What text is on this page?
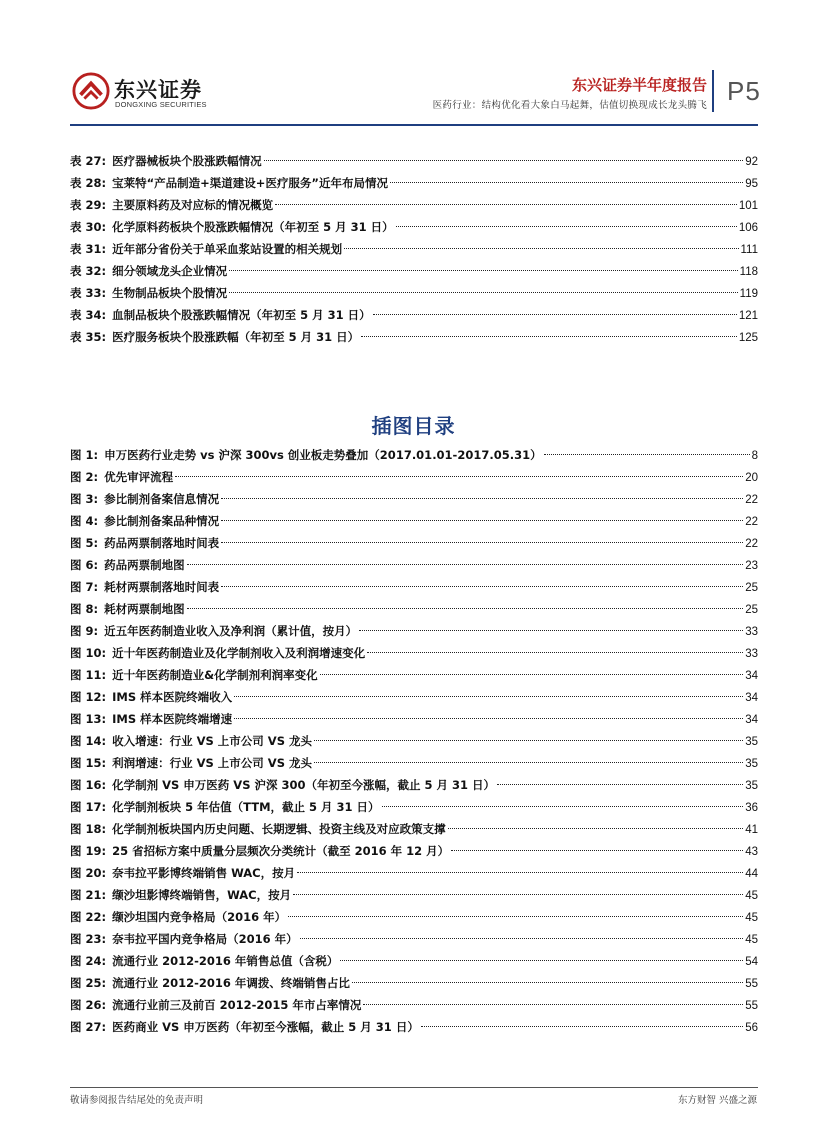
东兴证券
DONGXING SECURITIES
东兴证券半年度报告
医药行业：结构优化看大象白马起舞，估值切换现成长龙头腾飞 P5
表 27: 医疗器械板块个股涨跌幅情况	92
表 28: 宝莱特“产品制造+渠道建设+医疗服务”近年布局情况	95
表 29: 主要原料药及对应标的情况概览	101
表 30: 化学原料药板块个股涨跌幅情况（年初至 5 月 31 日）	106
表 31: 近年部分省份关于单采血浆站设置的相关规划	111
表 32: 细分领域龙头企业情况	118
表 33: 生物制品板块个股情况	119
表 34: 血制品板块个股涨跌幅情况（年初至 5 月 31 日）	121
表 35: 医疗服务板块个股涨跌幅（年初至 5 月 31 日）	125
插图目录
图 1: 申万医药行业走势 vs 沪深 300vs 创业板走势叠加（2017.01.01-2017.05.31）	8
图 2: 优先审评流程	20
图 3: 参比制剂备案信息情况	22
图 4: 参比制剂备案品种情况	22
图 5: 药品两票制落地时间表	22
图 6: 药品两票制地图	23
图 7: 耗材两票制落地时间表	25
图 8: 耗材两票制地图	25
图 9: 近五年医药制造业收入及净利润（累计值，按月）	33
图 10: 近十年医药制造业及化学制剂收入及利润增速变化	33
图 11: 近十年医药制造业&化学制剂利润率变化	34
图 12: IMS 样本医院终端收入	34
图 13: IMS 样本医院终端增速	34
图 14: 收入增速：行业 VS 上市公司 VS 龙头	35
图 15: 利润增速：行业 VS 上市公司 VS 龙头	35
图 16: 化学制剂 VS 申万医药 VS 沪深 300（年初至今涨幅，截止 5 月 31 日）	35
图 17: 化学制剂板块 5 年估值（TTM，截止 5 月 31 日）	36
图 18: 化学制剂板块国内历史问题、长期逻辑、投资主线及对应政策支撑	41
图 19: 25 省招标方案中质量分层频次分类统计（截至 2016 年 12 月）	43
图 20: 奈韦拉平影博终端销售 WAC，按月	44
图 21: 缬沙坦影博终端销售，WAC，按月	45
图 22: 缬沙坦国内竞争格局（2016 年）	45
图 23: 奈韦拉平国内竞争格局（2016 年）	45
图 24: 流通行业 2012-2016 年销售总值（含税）	54
图 25: 流通行业 2012-2016 年调拨、终端销售占比	55
图 26: 流通行业前三及前百 2012-2015 年市占率情况	55
图 27: 医药商业 VS 申万医药（年初至今涨幅，截止 5 月 31 日）	56
敬请参阅报告结尾处的免责声明	东方财智 兴盛之源
